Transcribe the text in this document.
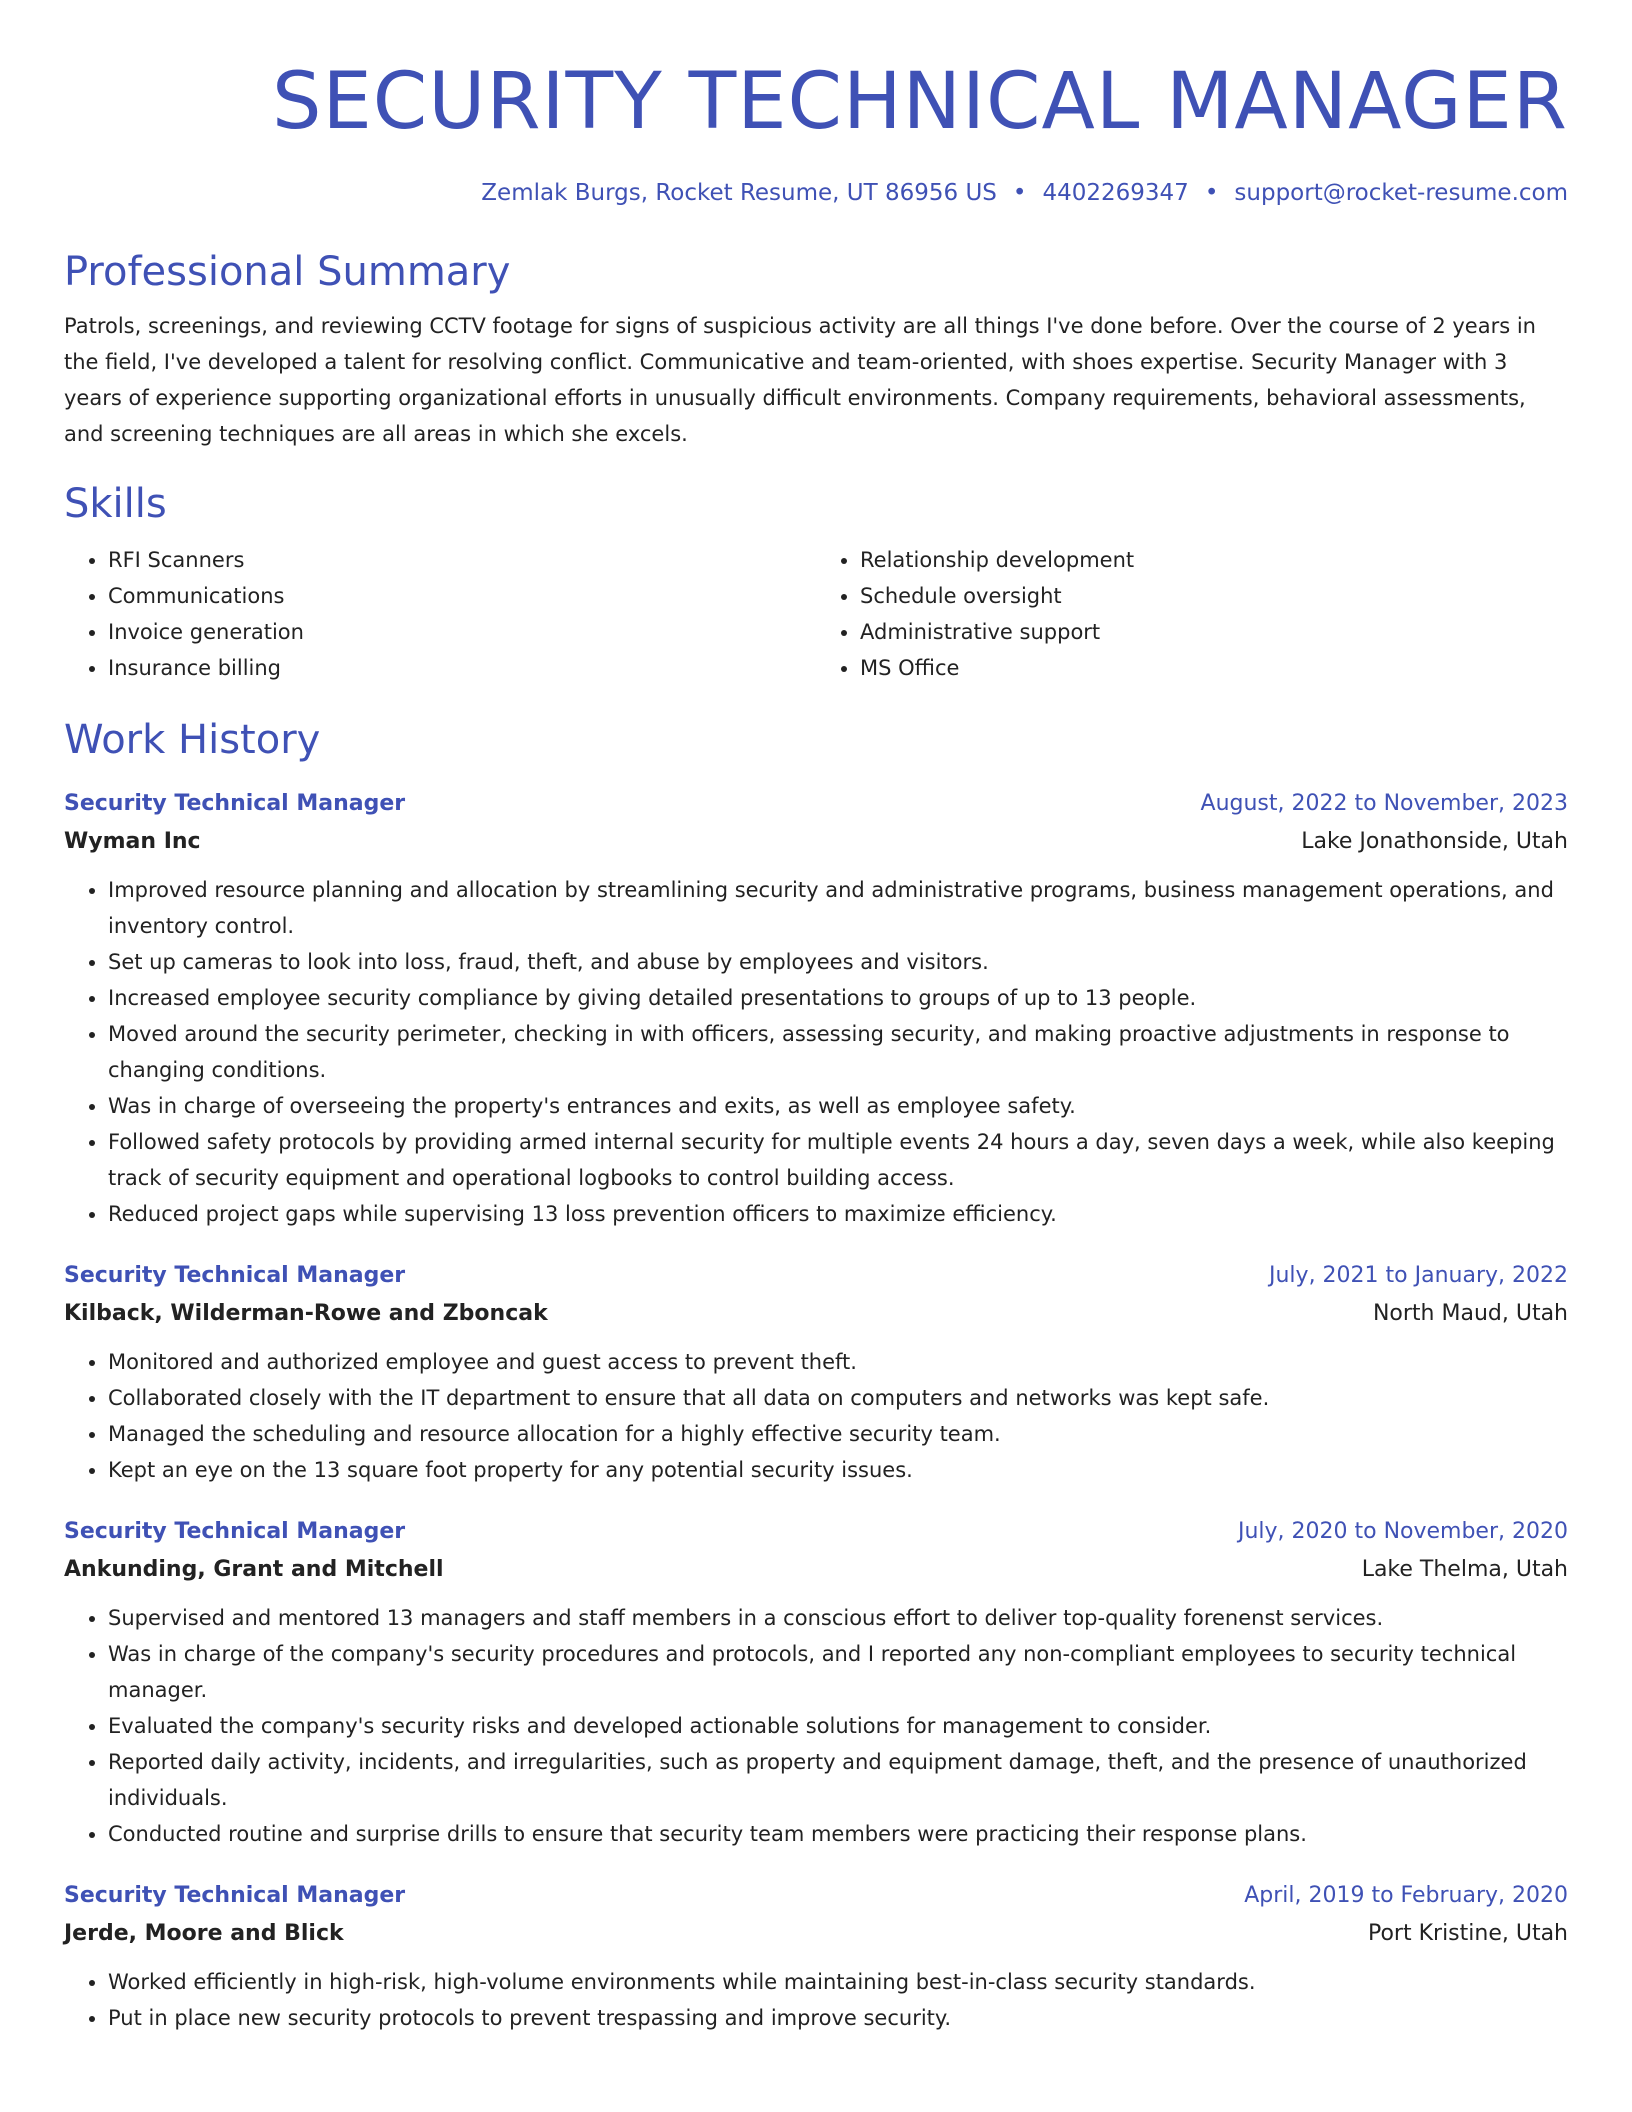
SECURITY TECHNICAL MANAGER
Zemlak Burgs, Rocket Resume, UT 86956 US • 4402269347 • support@rocket-resume.com
Professional Summary
Patrols, screenings, and reviewing CCTV footage for signs of suspicious activity are all things I've done before. Over the course of 2 years in the field, I've developed a talent for resolving conflict. Communicative and team-oriented, with shoes expertise. Security Manager with 3 years of experience supporting organizational efforts in unusually difficult environments. Company requirements, behavioral assessments, and screening techniques are all areas in which she excels.
Skills
• RFI Scanners
• Communications
• Invoice generation
• Insurance billing
• Relationship development
• Schedule oversight
• Administrative support
• MS Office
Work History
Security Technical Manager	August, 2022 to November, 2023
Wyman Inc	Lake Jonathonside, Utah
• Improved resource planning and allocation by streamlining security and administrative programs, business management operations, and inventory control.
• Set up cameras to look into loss, fraud, theft, and abuse by employees and visitors.
• Increased employee security compliance by giving detailed presentations to groups of up to 13 people.
• Moved around the security perimeter, checking in with officers, assessing security, and making proactive adjustments in response to changing conditions.
• Was in charge of overseeing the property's entrances and exits, as well as employee safety.
• Followed safety protocols by providing armed internal security for multiple events 24 hours a day, seven days a week, while also keeping track of security equipment and operational logbooks to control building access.
• Reduced project gaps while supervising 13 loss prevention officers to maximize efficiency.
Security Technical Manager	July, 2021 to January, 2022
Kilback, Wilderman-Rowe and Zboncak	North Maud, Utah
• Monitored and authorized employee and guest access to prevent theft.
• Collaborated closely with the IT department to ensure that all data on computers and networks was kept safe.
• Managed the scheduling and resource allocation for a highly effective security team.
• Kept an eye on the 13 square foot property for any potential security issues.
Security Technical Manager	July, 2020 to November, 2020
Ankunding, Grant and Mitchell	Lake Thelma, Utah
• Supervised and mentored 13 managers and staff members in a conscious effort to deliver top-quality forenenst services.
• Was in charge of the company's security procedures and protocols, and I reported any non-compliant employees to security technical manager.
• Evaluated the company's security risks and developed actionable solutions for management to consider.
• Reported daily activity, incidents, and irregularities, such as property and equipment damage, theft, and the presence of unauthorized individuals.
• Conducted routine and surprise drills to ensure that security team members were practicing their response plans.
Security Technical Manager	April, 2019 to February, 2020
Jerde, Moore and Blick	Port Kristine, Utah
• Worked efficiently in high-risk, high-volume environments while maintaining best-in-class security standards.
• Put in place new security protocols to prevent trespassing and improve security.
